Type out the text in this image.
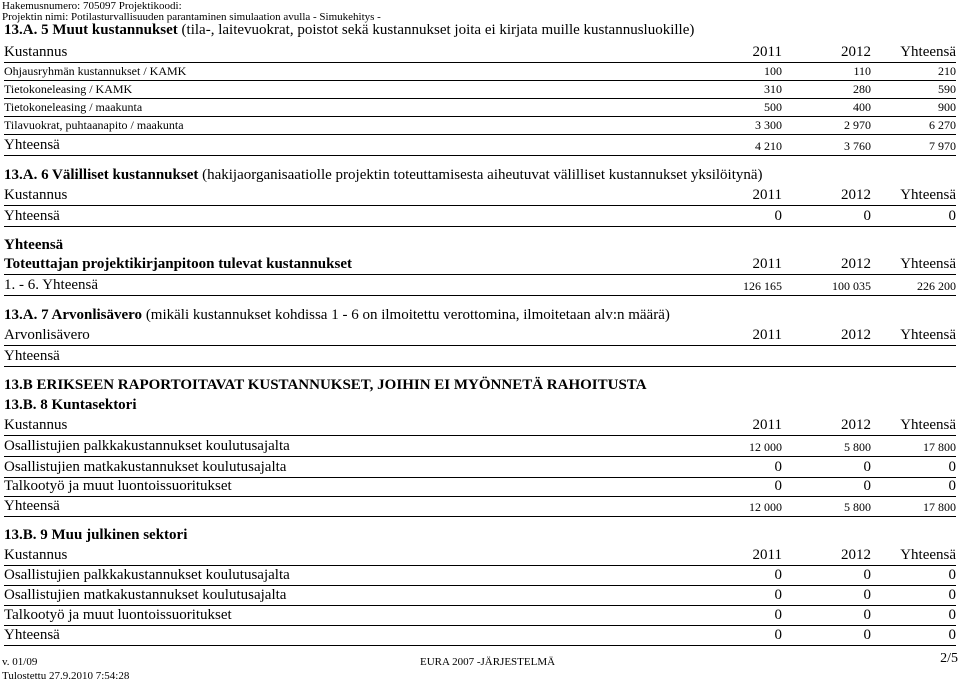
Hakemusnumero: 705097 Projektikoodi:
Projektin nimi: Potilasturvallisuuden parantaminen simulaation avulla - Simukehitys -
13.A. 5 Muut kustannukset (tila-, laitevuokrat, poistot sekä kustannukset joita ei kirjata muille kustannusluokille)
Kustannus	2011	2012 Yhteensä
Ohjausryhmän kustannukset / KAMK	100	110	210
Tietokoneleasing / KAMK	310	280	590
Tietokoneleasing / maakunta	500	400	900
Tilavuokrat, puhtaanapito / maakunta	3 300	2 970	6 270
Yhteensä	4 210	3 760	7 970
13.A. 6 Välilliset kustannukset (hakijaorganisaatiolle projektin toteuttamisesta aiheutuvat välilliset kustannukset yksilöitynä)
Kustannus	2011	2012 Yhteensä
Yhteensä	0	0	0
Yhteensä
Toteuttajan projektikirjanpitoon tulevat kustannukset	2011	2012 Yhteensä
1. - 6. Yhteensä	126 165	100 035	226 200
13.A. 7 Arvonlisävero (mikäli kustannukset kohdissa 1 - 6 on ilmoitettu verottomina, ilmoitetaan alv:n määrä)
Arvonlisävero	2011	2012 Yhteensä
Yhteensä
13.B ERIKSEEN RAPORTOITAVAT KUSTANNUKSET, JOIHIN EI MYÖNNETÄ RAHOITUSTA
13.B. 8 Kuntasektori
Kustannus	2011	2012 Yhteensä
Osallistujien palkkakustannukset koulutusajalta	12 000	5 800	17 800
Osallistujien matkakustannukset koulutusajalta	0	0	0
Talkootyö ja muut luontoissuoritukset	0	0	0
Yhteensä	12 000	5 800	17 800
13.B. 9 Muu julkinen sektori
Kustannus	2011	2012 Yhteensä
Osallistujien palkkakustannukset koulutusajalta	0	0	0
Osallistujien matkakustannukset koulutusajalta	0	0	0
Talkootyö ja muut luontoissuoritukset	0	0	0
Yhteensä	0	0	0
v. 01/09	EURA 2007 -JÄRJESTELMÄ	2/5
Tulostettu 27.9.2010 7:54:28
